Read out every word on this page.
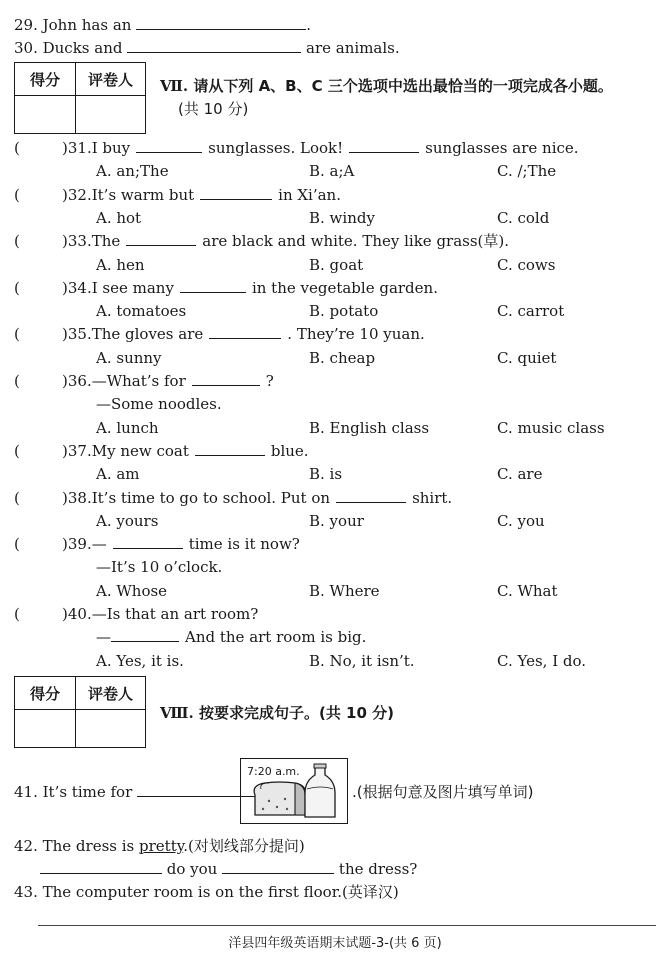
29. John has an	.
30. Ducks and	are animals.
得分	评卷人
	Ⅶ. 请从下列 A、B、C 三个选项中选出最恰当的一项完成各小题。
(共 10 分)
(	)31.I buy	sunglasses. Look!	sunglasses are nice.
A. an;The	B. a;A	C. /;The
(	)32.It’s warm but	in Xi’an.
A. hot	B. windy	C. cold
(	)33.The	are black and white. They like grass(草).
A. hen	B. goat	C. cows
(	)34.I see many	in the vegetable garden.
A. tomatoes	B. potato	C. carrot
(	)35.The gloves are	. They’re 10 yuan.
A. sunny	B. cheap	C. quiet
(	)36.—What’s for	?
—Some noodles.
A. lunch	B. English class	C. music class
(	)37.My new coat	blue.
A. am	B. is	C. are
(	)38.It’s time to go to school. Put on	shirt.
A. yours	B. your	C. you
(	)39.—	time is it now?
—It’s 10 o’clock.
A. Whose	B. Where	C. What
(	)40.—Is that an art room?
—	And the art room is big.
A. Yes, it is.	B. No, it isn’t.	C. Yes, I do.
得分	评卷人

Ⅷ. 按要求完成句子。(共 10 分)
41. It’s time for
7:20 a.m.
.(根据句意及图片填写单词)
42. The dress is pretty.(对划线部分提问)
do you	the dress?
43. The computer room is on the first floor.(英译汉)
洋县四年级英语期末试题-3-(共 6 页)
